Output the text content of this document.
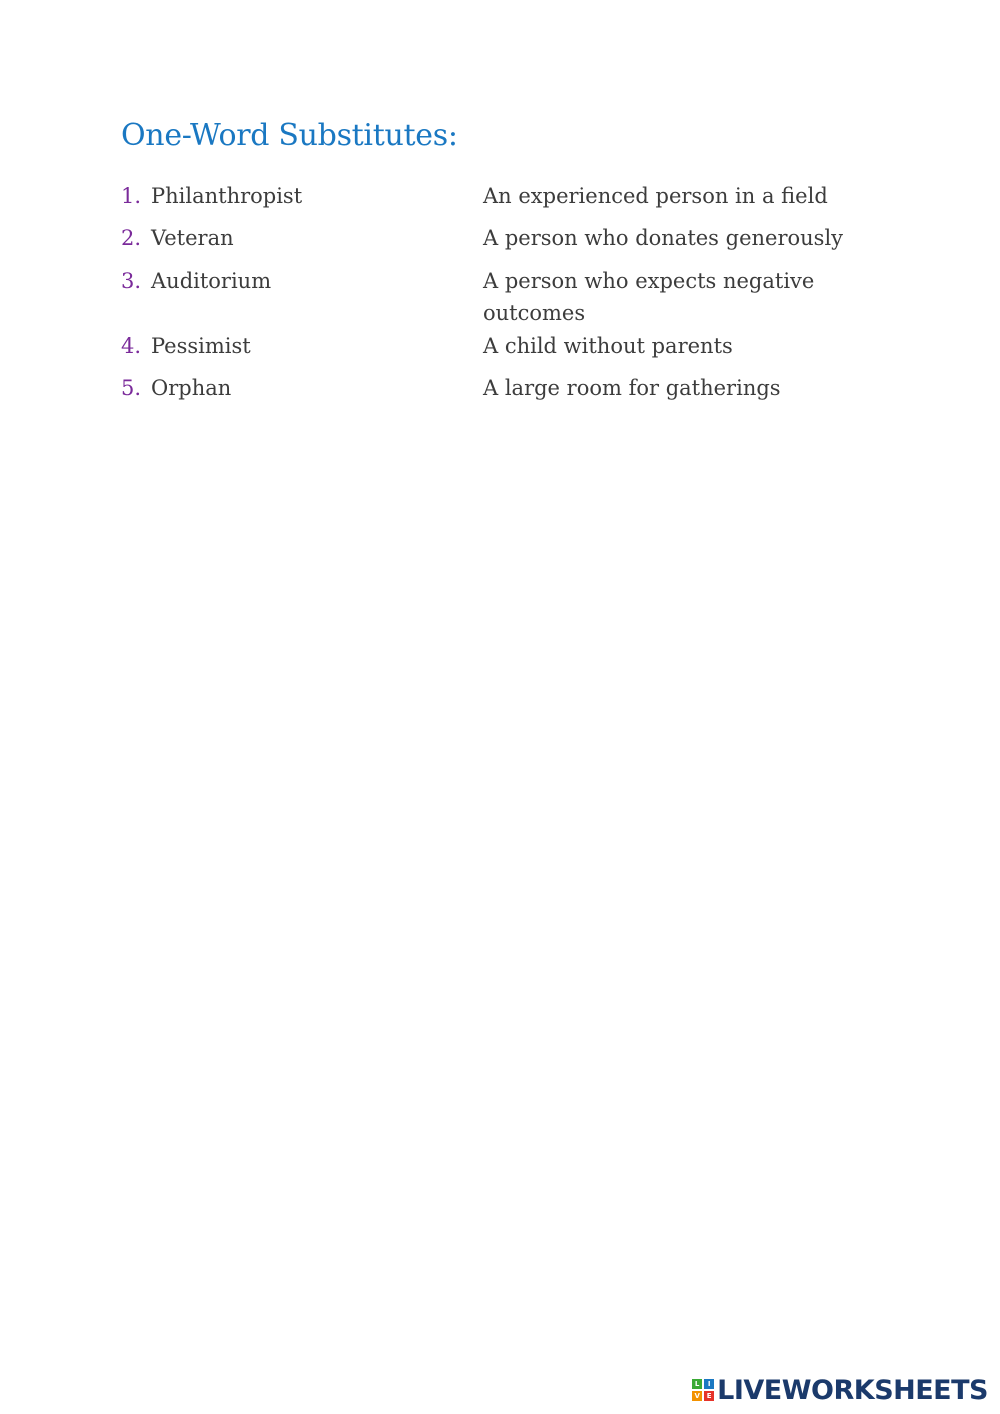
One-Word Substitutes:
1. Philanthropist	An experienced person in a field
2. Veteran	A person who donates generously
3. Auditorium	A person who expects negative outcomes
4. Pessimist	A child without parents
5. Orphan	A large room for gatherings
L	I
V E LIVEWORKSHEETS
